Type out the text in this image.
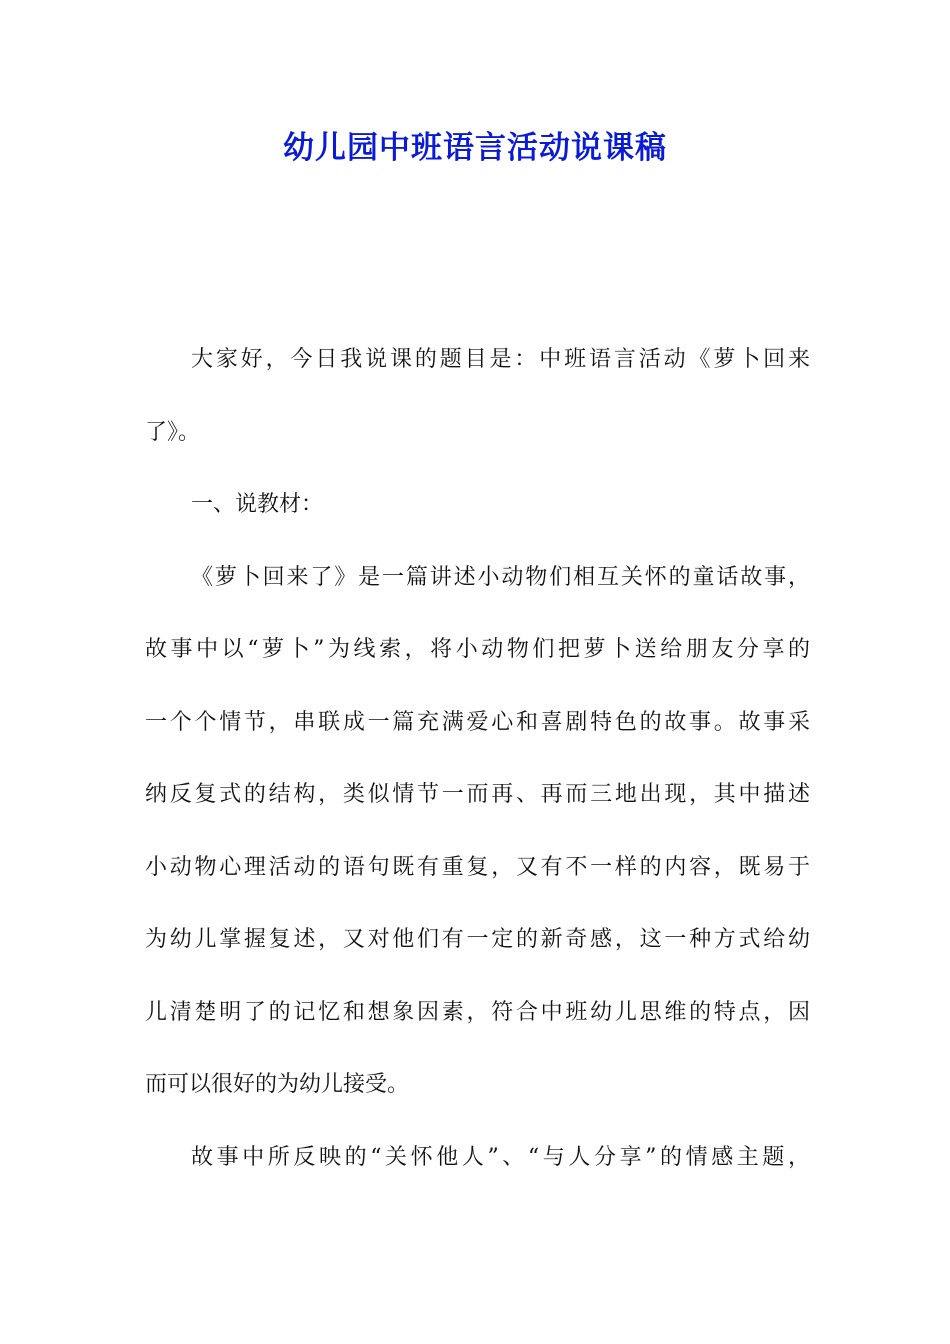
幼儿园中班语言活动说课稿
大家好，今日我说课的题目是：中班语言活动《萝卜回来
了》。
一、说教材：
《萝卜回来了》是一篇讲述小动物们相互关怀的童话故事，
故事中以“萝卜”为线索，将小动物们把萝卜送给朋友分享的
一个个情节，串联成一篇充满爱心和喜剧特色的故事。故事采
纳反复式的结构，类似情节一而再、再而三地出现，其中描述
小动物心理活动的语句既有重复，又有不一样的内容，既易于
为幼儿掌握复述，又对他们有一定的新奇感，这一种方式给幼
儿清楚明了的记忆和想象因素，符合中班幼儿思维的特点，因
而可以很好的为幼儿接受。
故事中所反映的“关怀他人”、“与人分享”的情感主题，
